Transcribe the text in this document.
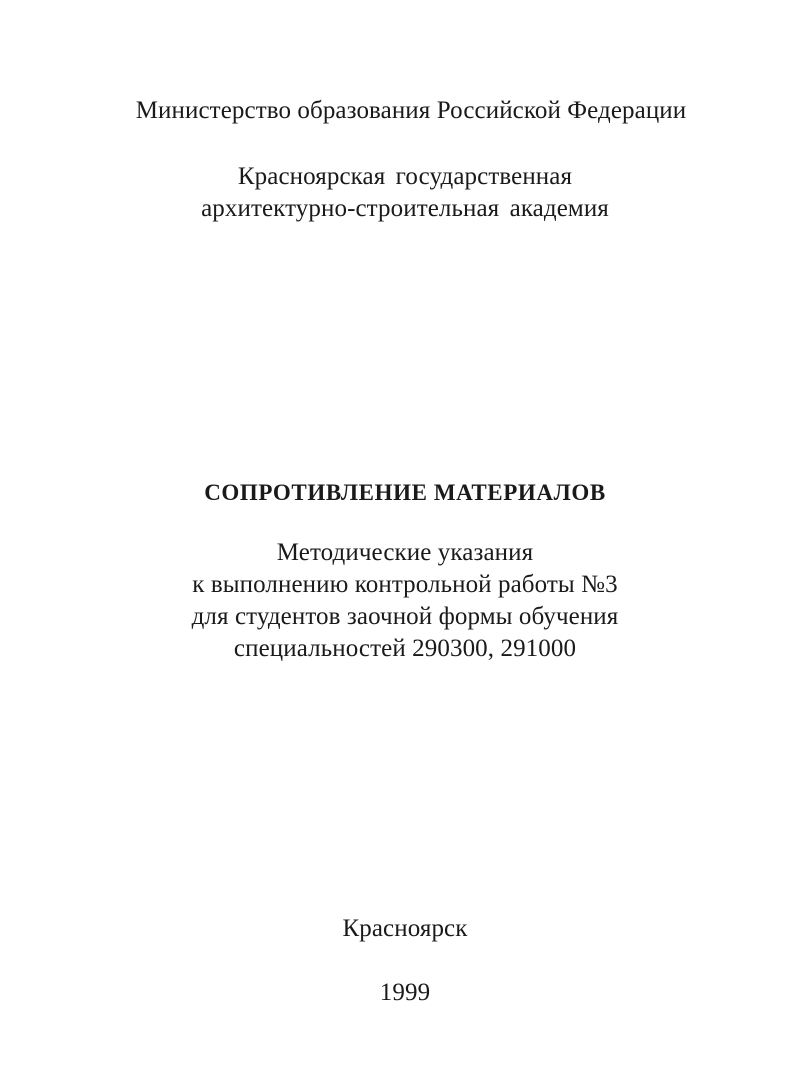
Министерство образования Российской Федерации
Красноярская государственная
архитектурно-строительная академия
СОПРОТИВЛЕНИЕ МАТЕРИАЛОВ
Методические указания
к выполнению контрольной работы №3
для студентов заочной формы обучения
специальностей 290300, 291000
Красноярск
1999
